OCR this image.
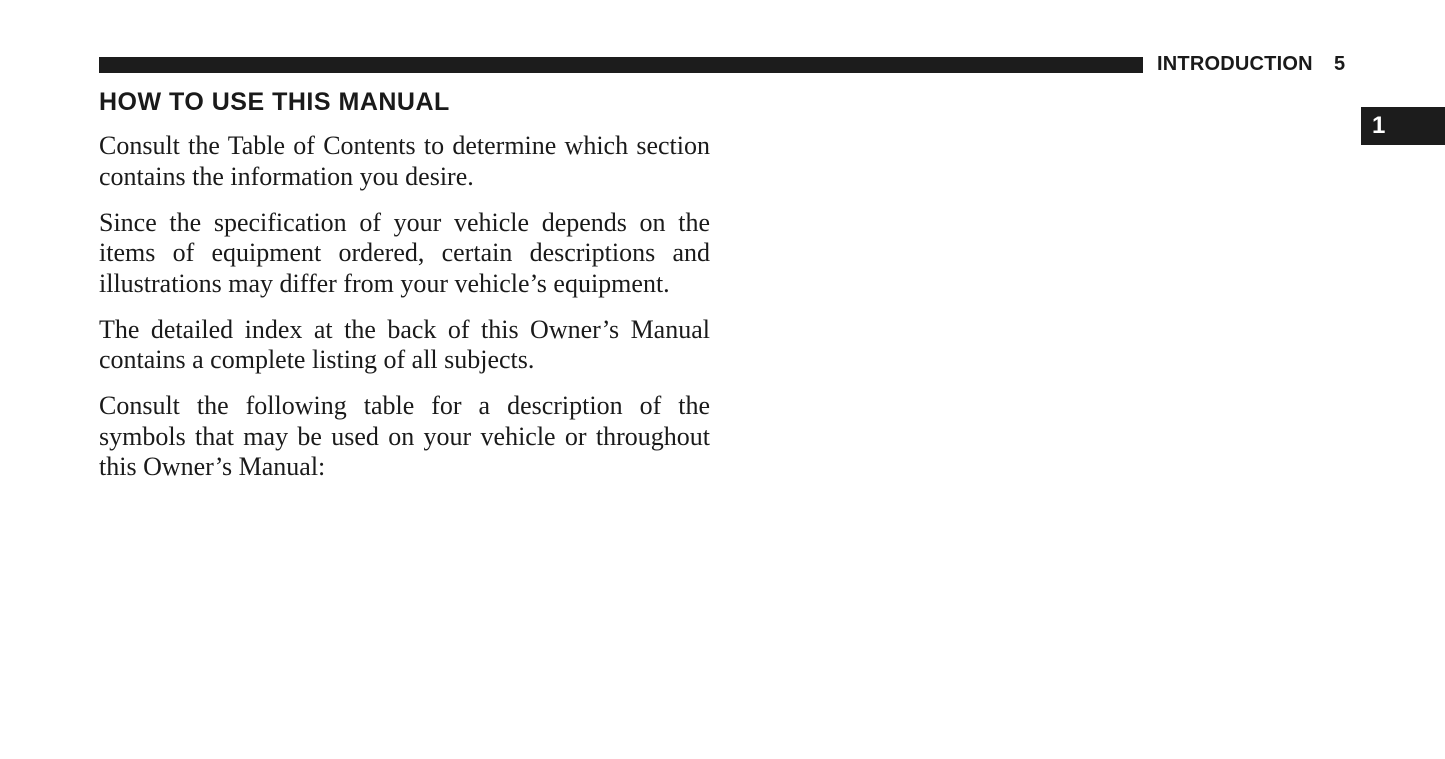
INTRODUCTION 5
1
HOW TO USE THIS MANUAL

Consult the Table of Contents to determine which section contains the information you desire.

Since the specification of your vehicle depends on the items of equipment ordered, certain descriptions and illustrations may differ from your vehicle’s equipment.

The detailed index at the back of this Owner’s Manual contains a complete listing of all subjects.

Consult the following table for a description of the symbols that may be used on your vehicle or throughout this Owner’s Manual:
